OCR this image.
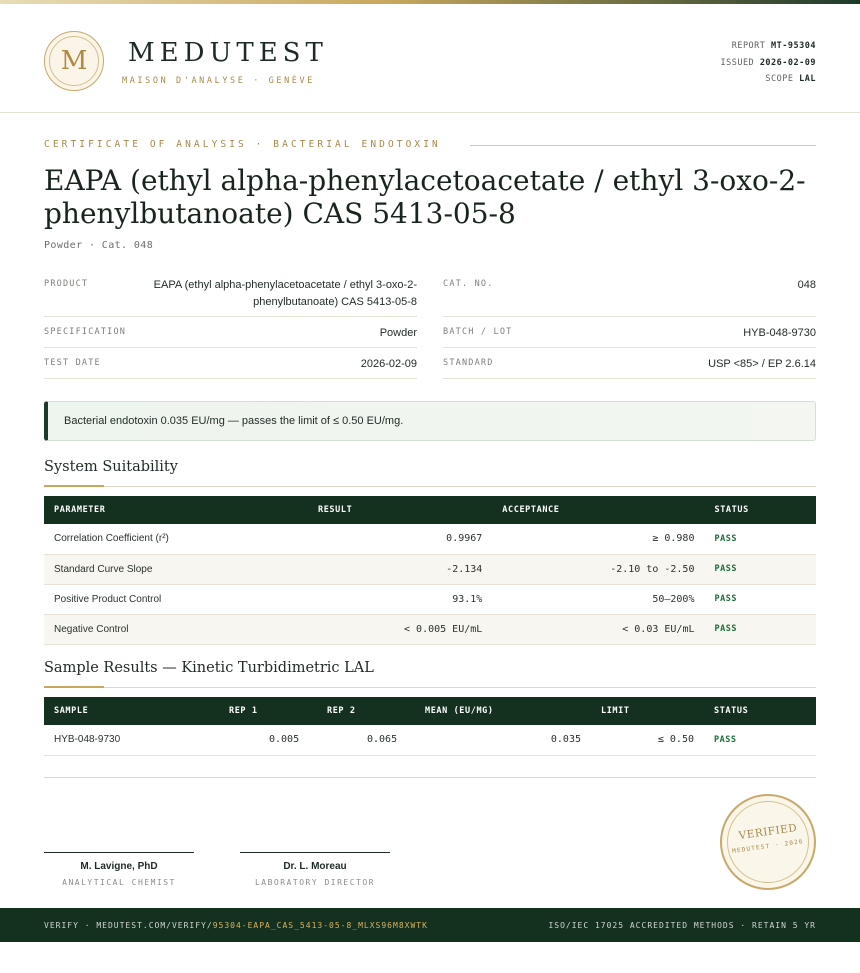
M	MEDUTEST
MAISON D'ANALYSE · GENÈVE
REPORT MT-95304
ISSUED 2026-02-09
SCOPE LAL
CERTIFICATE OF ANALYSIS · BACTERIAL ENDOTOXIN
EAPA (ethyl alpha-phenylacetoacetate / ethyl 3-oxo-2-phenylbutanoate) CAS 5413-05-8
Powder · Cat. 048
PRODUCT	EAPA (ethyl alpha-phenylacetoacetate / ethyl 3-oxo-2-phenylbutanoate) CAS 5413-05-8
CAT. NO.	048
SPECIFICATION	Powder	BATCH / LOT	HYB-048-9730
TEST DATE	2026-02-09	STANDARD	USP <85> / EP 2.6.14
Bacterial endotoxin 0.035 EU/mg — passes the limit of ≤ 0.50 EU/mg.
System Suitability
PARAMETER	RESULT	ACCEPTANCE	STATUS
Correlation Coefficient (r²)	0.9967	≥ 0.980	PASS
Standard Curve Slope	-2.134	-2.10 to -2.50	PASS
Positive Product Control	93.1%	50–200%	PASS
Negative Control	< 0.005 EU/mL	< 0.03 EU/mL	PASS
Sample Results — Kinetic Turbidimetric LAL
SAMPLE	REP 1	REP 2	MEAN (EU/MG)	LIMIT	STATUS
HYB-048-9730	0.005	0.065	0.035	≤ 0.50	PASS
M. Lavigne, PhD
ANALYTICAL CHEMIST
Dr. L. Moreau
LABORATORY DIRECTOR
VERIFIED
MEDUTEST · 2026
VERIFY · MEDUTEST.COM/VERIFY/95304-EAPA_CAS_5413-05-8_MLXS96M8XWTK	ISO/IEC 17025 ACCREDITED METHODS · RETAIN 5 YR
